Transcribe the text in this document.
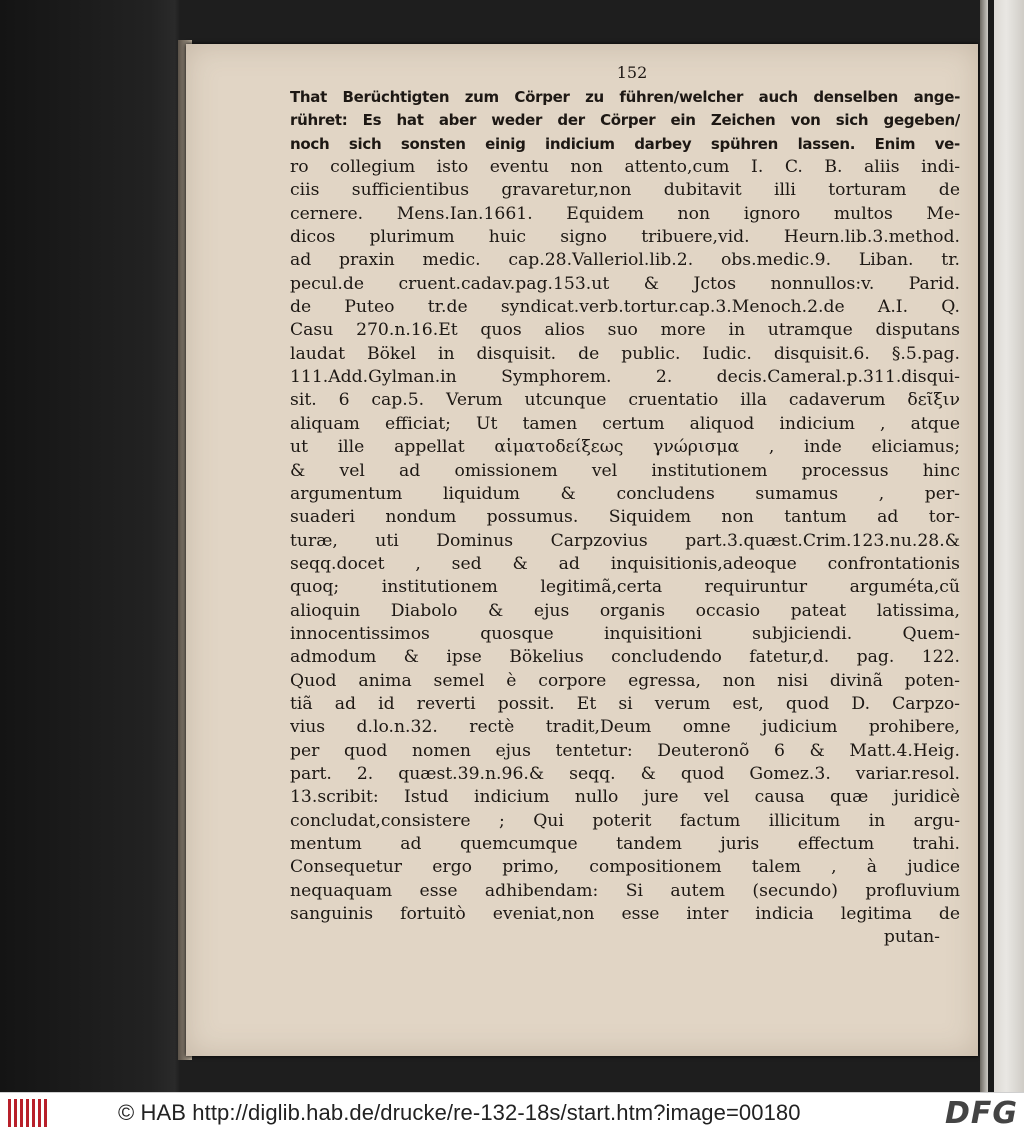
152
That Berüchtigten zum Cörper zu führen/welcher auch denselben ange-
rühret: Es hat aber weder der Cörper ein Zeichen von sich gegeben/
noch sich sonsten einig indicium darbey spühren lassen. Enim ve-
ro collegium isto eventu non attento,cum I. C. B. aliis indi-
ciis sufficientibus gravaretur,non dubitavit illi torturam de
cernere. Mens.Ian.1661. Equidem non ignoro multos Me-
dicos plurimum huic signo tribuere,vid. Heurn.lib.3.method.
ad praxin medic. cap.28.Valleriol.lib.2. obs.medic.9. Liban. tr.
pecul.de cruent.cadav.pag.153.ut & Jctos nonnullos:v. Parid.
de Puteo tr.de syndicat.verb.tortur.cap.3.Menoch.2.de A.I. Q.
Casu 270.n.16.Et quos alios suo more in utramque disputans
laudat Bökel in disquisit. de public. Iudic. disquisit.6. §.5.pag.
111.Add.Gylman.in Symphorem. 2. decis.Cameral.p.311.disqui-
sit. 6 cap.5. Verum utcunque cruentatio illa cadaverum δεῖξιν
aliquam efficiat; Ut tamen certum aliquod indicium , atque
ut ille appellat αἱματοδείξεως γνώρισμα , inde eliciamus;
& vel ad omissionem vel institutionem processus hinc
argumentum liquidum & concludens sumamus , per-
suaderi nondum possumus. Siquidem non tantum ad tor-
turæ, uti Dominus Carpzovius part.3.quæst.Crim.123.nu.28.&
seqq.docet , sed & ad inquisitionis,adeoque confrontationis
quoq; institutionem legitimã,certa requiruntur arguméta,cũ
alioquin Diabolo & ejus organis occasio pateat latissima,
innocentissimos quosque inquisitioni subjiciendi. Quem-
admodum & ipse Bökelius concludendo fatetur,d. pag. 122.
Quod anima semel è corpore egressa, non nisi divinã poten-
tiã ad id reverti possit. Et si verum est, quod D. Carpzo-
vius d.lo.n.32. rectè tradit,Deum omne judicium prohibere,
per quod nomen ejus tentetur: Deuteronõ 6 & Matt.4.Heig.
part. 2. quæst.39.n.96.& seqq. & quod Gomez.3. variar.resol.
13.scribit: Istud indicium nullo jure vel causa quæ juridicè
concludat,consistere ; Qui poterit factum illicitum in argu-
mentum ad quemcumque tandem juris effectum trahi.
Consequetur ergo primo, compositionem talem , à judice
nequaquam esse adhibendam: Si autem (secundo) profluvium
sanguinis fortuitò eveniat,non esse inter indicia legitima de
putan-
© HAB http://diglib.hab.de/drucke/re-132-18s/start.htm?image=00180	DFG
